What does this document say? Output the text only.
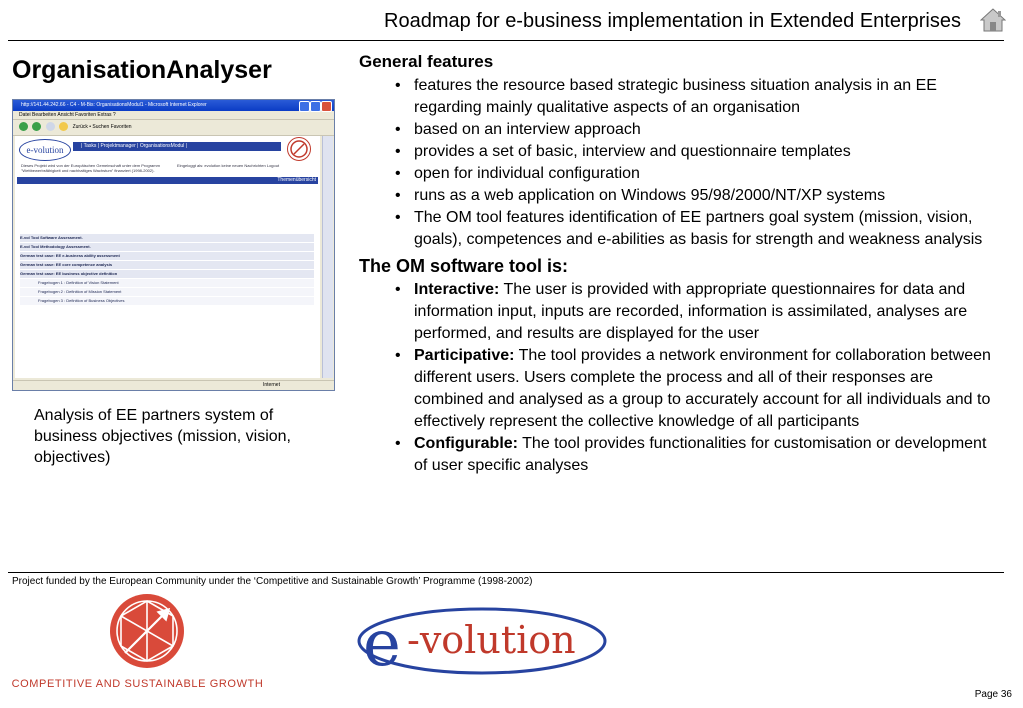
Roadmap for e-business implementation in Extended Enterprises
OrganisationAnalyser
http://141.44.242.66 - C4 - M-Bis: OrganisationsModul1 - Microsoft Internet Explorer
Datei Bearbeiten Ansicht Favoriten Extras ?
Zurück • Suchen Favoriten
e-volution	| Tasks | Projektmanager | OrganisationsModul |
Dieses Projekt wird von der Europäischen Gemeinschaft unter dem Programm "Wettbewerbsfähigkeit und nachhaltiges Wachstum" finanziert (1998-2002).
Eingeloggt als: evolution keine neuen Nachrichten Logout
Themenübersicht
E-vol Tool Software Assessment.
E-vol Tool Methodology Assessment.
German test case: EE e-business ability assessment
German test case: EE core competence analysis
German test case: EE business objective definition
Fragebogen 1 : Definition of Vision Statement
Fragebogen 2 : Definition of Mission Statement
Fragebogen 3 : Definition of Business Objectives
Internet
Analysis of EE partners system of business objectives (mission, vision, objectives)
General features
• features the resource based strategic business situation analysis in an EE regarding mainly qualitative aspects of an organisation
• based on an interview approach
• provides a set of basic, interview and questionnaire templates
• open for individual configuration
• runs as a web application on Windows 95/98/2000/NT/XP systems
• The OM tool features identification of EE partners goal system (mission, vision, goals), competences and e-abilities as basis for strength and weakness analysis
The OM software tool is:
• Interactive: The user is provided with appropriate questionnaires for data and information input, inputs are recorded, information is assimilated, analyses are performed, and results are displayed for the user
• Participative: The tool provides a network environment for collaboration between different users. Users complete the process and all of their responses are combined and analysed as a group to accurately account for all individuals and to effectively represent the collective knowledge of all participants
• Configurable: The tool provides functionalities for customisation or development of user specific analyses
Project funded by the European Community under the ‘Competitive and Sustainable Growth’ Programme (1998-2002)
COMPETITIVE AND SUSTAINABLE GROWTH
e -volution
Page 36
